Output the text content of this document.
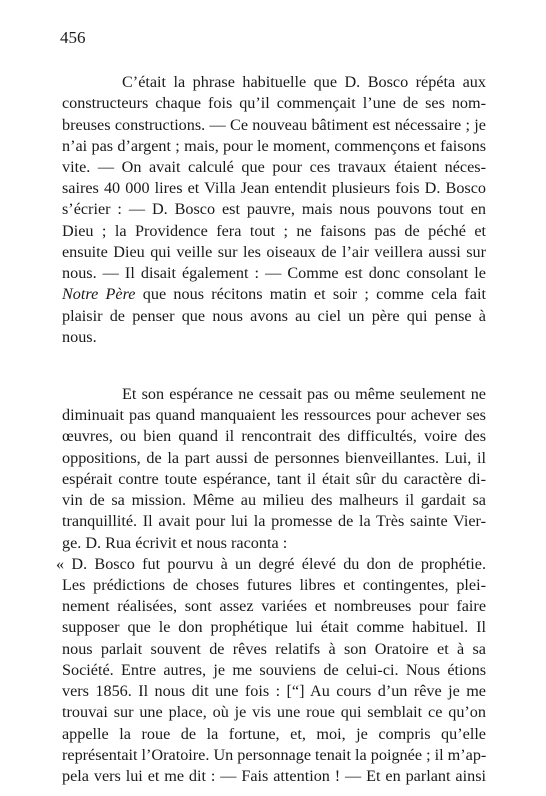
456
C’était la phrase habituelle que D. Bosco répéta aux
constructeurs chaque fois qu’il commençait l’une de ses nom-
breuses constructions. — Ce nouveau bâtiment est nécessaire ; je
n’ai pas d’argent ; mais, pour le moment, commençons et faisons
vite. — On avait calculé que pour ces travaux étaient néces-
saires 40 000 lires et Villa Jean entendit plusieurs fois D. Bosco
s’écrier : — D. Bosco est pauvre, mais nous pouvons tout en
Dieu ; la Providence fera tout ; ne faisons pas de péché et
ensuite Dieu qui veille sur les oiseaux de l’air veillera aussi sur
nous. — Il disait également : — Comme est donc consolant le
Notre Père que nous récitons matin et soir ; comme cela fait
plaisir de penser que nous avons au ciel un père qui pense à
nous.
Et son espérance ne cessait pas ou même seulement ne
diminuait pas quand manquaient les ressources pour achever ses
œuvres, ou bien quand il rencontrait des difficultés, voire des
oppositions, de la part aussi de personnes bienveillantes. Lui, il
espérait contre toute espérance, tant il était sûr du caractère di-
vin de sa mission. Même au milieu des malheurs il gardait sa
tranquillité. Il avait pour lui la promesse de la Très sainte Vier-
ge. D. Rua écrivit et nous raconta :
« D. Bosco fut pourvu à un degré élevé du don de prophétie.
Les prédictions de choses futures libres et contingentes, plei-
nement réalisées, sont assez variées et nombreuses pour faire
supposer que le don prophétique lui était comme habituel. Il
nous parlait souvent de rêves relatifs à son Oratoire et à sa
Société. Entre autres, je me souviens de celui-ci. Nous étions
vers 1856. Il nous dit une fois : [“] Au cours d’un rêve je me
trouvai sur une place, où je vis une roue qui semblait ce qu’on
appelle la roue de la fortune, et, moi, je compris qu’elle
représentait l’Oratoire. Un personnage tenait la poignée ; il m’ap-
pela vers lui et me dit : — Fais attention ! — Et en parlant ainsi
